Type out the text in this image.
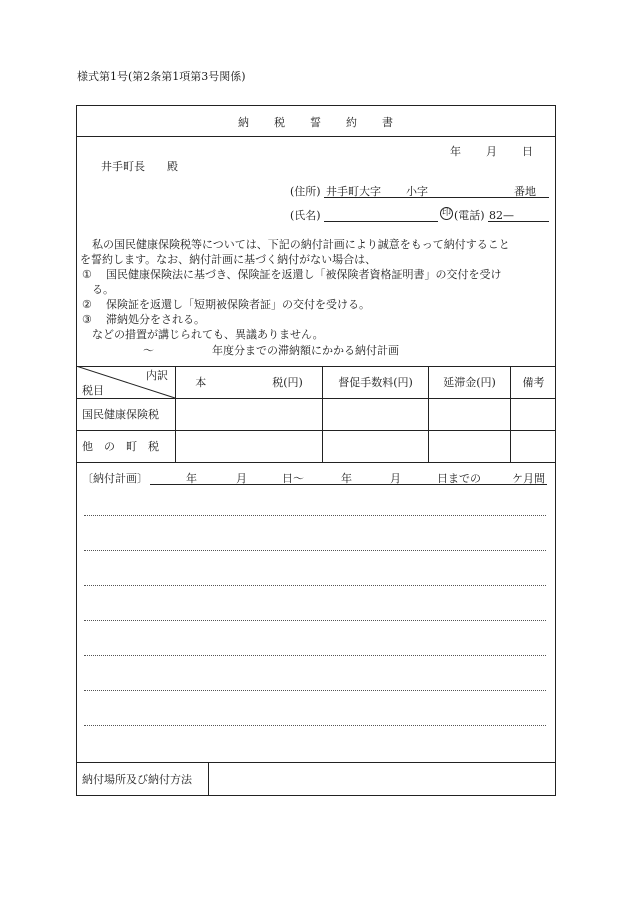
様式第1号(第2条第1項第3号関係)
納　　税　　誓　　約　　書
年 月 日
井手町長　　殿
(住所) 井手町大字 小字	番地
(氏名)	印 (電話) 82—
私の国民健康保険税等については、下記の納付計画により誠意をもって納付すること
を誓約します。なお、納付計画に基づく納付がない場合は、
① 国民健康保険法に基づき、保険証を返還し「被保険者資格証明書」の交付を受け
る。
② 保険証を返還し「短期被保険者証」の交付を受ける。
③ 滞納処分をされる。
などの措置が講じられても、異議ありません。
〜	年度分までの滞納額にかかる納付計画
内訳
税目
本　　　　　　税(円)	督促手数料(円)	延滞金(円)	備考
国民健康保険税
他　の　町　税
〔納付計画〕	年	月	日〜	年	月	日までの	ケ月間
納付場所及び納付方法
